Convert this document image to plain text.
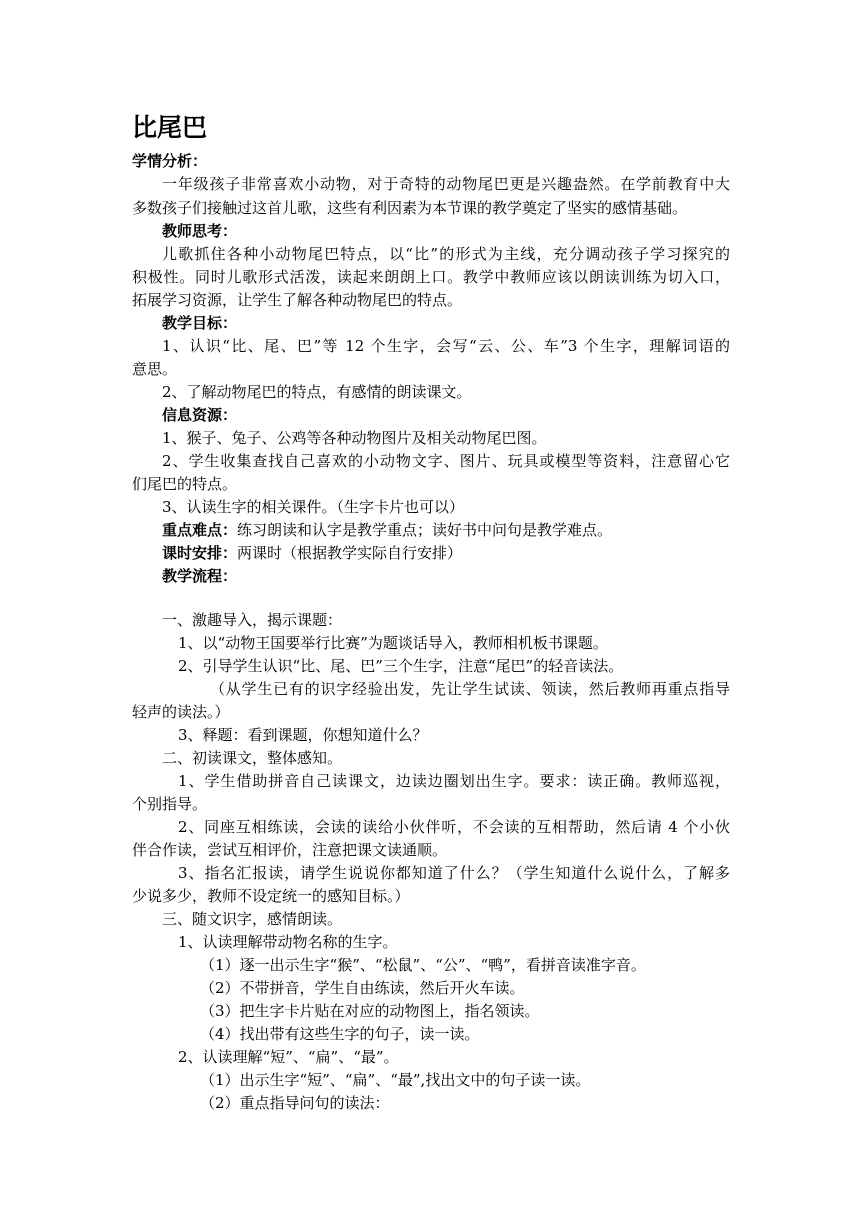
比尾巴
学情分析：
一年级孩子非常喜欢小动物，对于奇特的动物尾巴更是兴趣盎然。在学前教育中大
多数孩子们接触过这首儿歌，这些有利因素为本节课的教学奠定了坚实的感情基础。
教师思考：
儿歌抓住各种小动物尾巴特点，以“比”的形式为主线，充分调动孩子学习探究的
积极性。同时儿歌形式活泼，读起来朗朗上口。教学中教师应该以朗读训练为切入口，
拓展学习资源，让学生了解各种动物尾巴的特点。
教学目标：
1、认识“比、尾、巴”等 12 个生字，会写“云、公、车”3 个生字，理解词语的
意思。
2、了解动物尾巴的特点，有感情的朗读课文。
信息资源：
1、猴子、兔子、公鸡等各种动物图片及相关动物尾巴图。
2、学生收集查找自己喜欢的小动物文字、图片、玩具或模型等资料，注意留心它
们尾巴的特点。
3、认读生字的相关课件。（生字卡片也可以）
重点难点：练习朗读和认字是教学重点；读好书中问句是教学难点。
课时安排：两课时（根据教学实际自行安排）
教学流程：
一、激趣导入，揭示课题：
1、以“动物王国要举行比赛”为题谈话导入，教师相机板书课题。
2、引导学生认识“比、尾、巴”三个生字，注意“尾巴”的轻音读法。
（从学生已有的识字经验出发，先让学生试读、领读，然后教师再重点指导
轻声的读法。）
3、释题：看到课题，你想知道什么？
二、初读课文，整体感知。
1、学生借助拼音自己读课文，边读边圈划出生字。要求：读正确。教师巡视，
个别指导。
2、同座互相练读，会读的读给小伙伴听，不会读的互相帮助，然后请 4 个小伙
伴合作读，尝试互相评价，注意把课文读通顺。
3、指名汇报读，请学生说说你都知道了什么？（学生知道什么说什么，了解多
少说多少，教师不设定统一的感知目标。）
三、随文识字，感情朗读。
1、认读理解带动物名称的生字。
（1）逐一出示生字“猴”、“松鼠”、“公”、“鸭”，看拼音读准字音。
（2）不带拼音，学生自由练读，然后开火车读。
（3）把生字卡片贴在对应的动物图上，指名领读。
（4）找出带有这些生字的句子，读一读。
2、认读理解“短”、“扁”、“最”。
（1）出示生字“短”、“扁”、“最”,找出文中的句子读一读。
（2）重点指导问句的读法：
